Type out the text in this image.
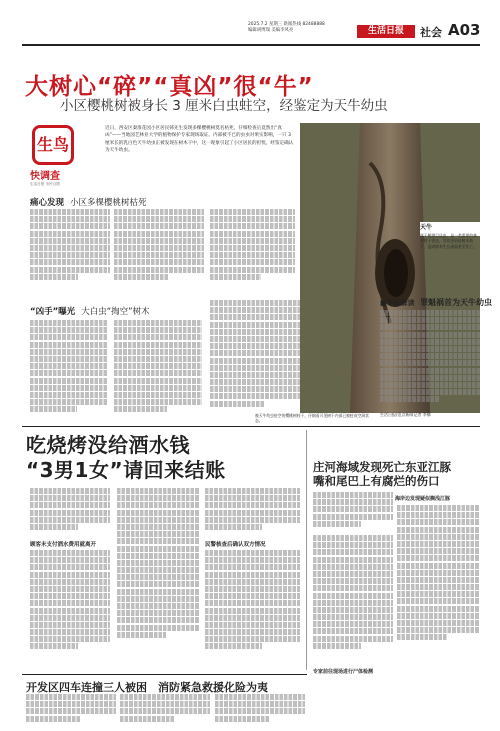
2025.7.2 星期三 新闻热线 82488888
编辑胡博瑞 美编李凤亮	生活日报	社会 A03
大树心“碎”“真凶”很“牛”
小区樱桃树被身长 3 厘米白虫蛀空，经鉴定为天牛幼虫
生鸟
快调查
生活日报 市民反馈
近日，西安区秦淮花园小区居民韩先生发现多棵樱桃树莫名枯死，仔细检查后竟然出“真凶”——当地园艺林业大学的植物保护专家现场取证。内部被不已的虫虫对果实影响，一只 3 厘米长的乳白色天牛幼虫正被发现在树木干中，这一现象引起了小区居民的担忧，经鉴定确认为天牛幼虫。
痛心发现 小区多棵樱桃树枯死
“凶手”曝光 大白虫“掏空”树木
天牛
属于鞘翅目昆虫，是一类重要的林木蛀干害虫，其幼虫钻蛀树木枝干，造成树木生长衰弱甚至死亡。
被天牛幼虫蛀空的樱桃树枝干，仔细看可见树干内部已被蛀成空洞状态。
■专家解读 罪魁祸首为天牛幼虫
生活日报/壹点新闻记者 李娜
吃烧烤没给酒水钱
“3男1女”请回来结账
顾客未支付酒水费用就离开	民警核查后确认双方情况
庄河海域发现死亡东亚江豚
嘴和尾巴上有腐烂的伤口
海岸边发现疑似搁浅江豚
专家前往现场进行尸体检测
开发区四车连撞三人被困　消防紧急救援化险为夷
